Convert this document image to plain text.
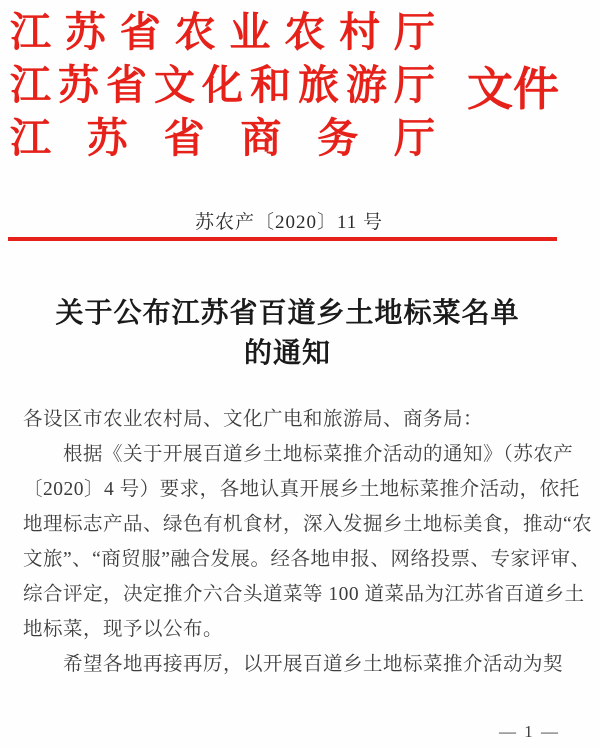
江苏省农业农村厅
江苏省文化和旅游厅
江苏省商务厅
文件
苏农产〔2020〕11 号
关于公布江苏省百道乡土地标菜名单
的通知
各设区市农业农村局、文化广电和旅游局、商务局：
根据《关于开展百道乡土地标菜推介活动的通知》（苏农产
〔2020〕4 号）要求，各地认真开展乡土地标菜推介活动，依托
地理标志产品、绿色有机食材，深入发掘乡土地标美食，推动“农
文旅”、“商贸服”融合发展。经各地申报、网络投票、专家评审、
综合评定，决定推介六合头道菜等 100 道菜品为江苏省百道乡土
地标菜，现予以公布。
希望各地再接再厉，以开展百道乡土地标菜推介活动为契
— 1 —
